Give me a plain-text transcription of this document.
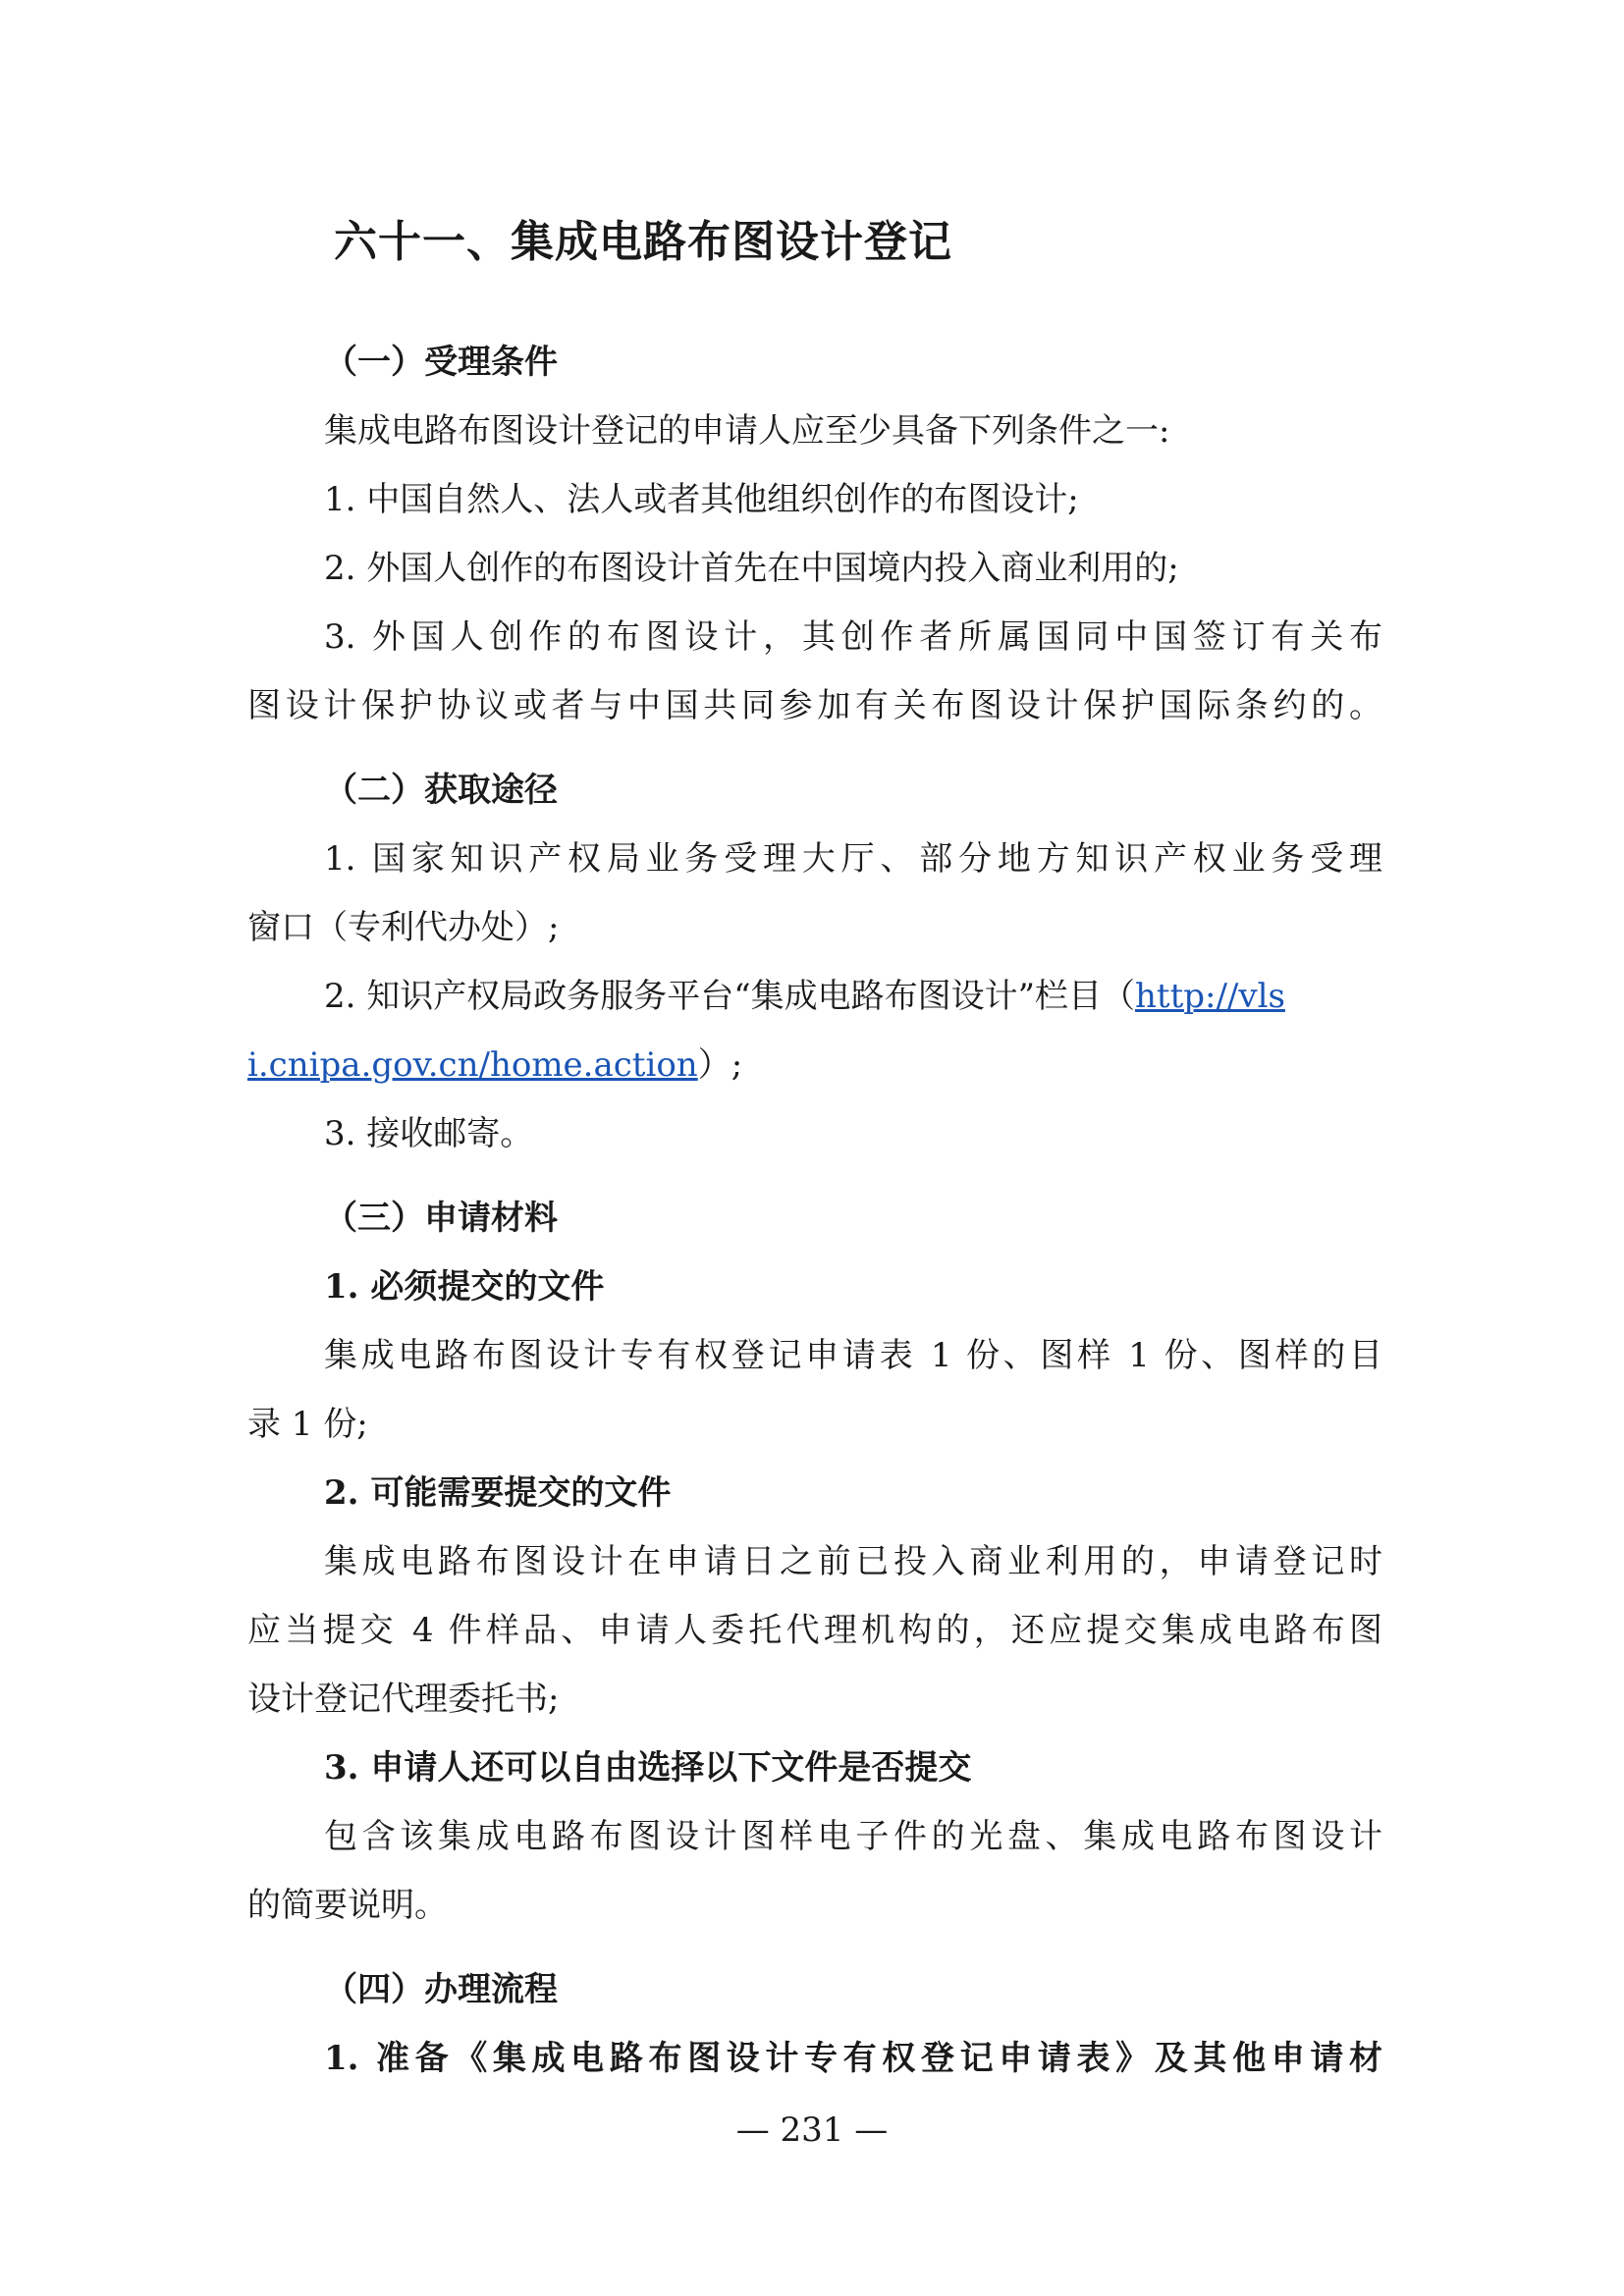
六十一、集成电路布图设计登记
（一）受理条件
集成电路布图设计登记的申请人应至少具备下列条件之一:
1. 中国自然人、法人或者其他组织创作的布图设计;
2. 外国人创作的布图设计首先在中国境内投入商业利用的;
3. 外国人创作的布图设计，其创作者所属国同中国签订有关布
图设计保护协议或者与中国共同参加有关布图设计保护国际条约的。
（二）获取途径
1. 国家知识产权局业务受理大厅、部分地方知识产权业务受理
窗口（专利代办处）;
2. 知识产权局政务服务平台“集成电路布图设计”栏目（http://vls
i.cnipa.gov.cn/home.action）;
3. 接收邮寄。
（三）申请材料
1. 必须提交的文件
集成电路布图设计专有权登记申请表 1 份、图样 1 份、图样的目
录 1 份;
2. 可能需要提交的文件
集成电路布图设计在申请日之前已投入商业利用的，申请登记时
应当提交 4 件样品、申请人委托代理机构的，还应提交集成电路布图
设计登记代理委托书;
3. 申请人还可以自由选择以下文件是否提交
包含该集成电路布图设计图样电子件的光盘、集成电路布图设计
的简要说明。
（四）办理流程
1. 准备《集成电路布图设计专有权登记申请表》及其他申请材
— 231 —
